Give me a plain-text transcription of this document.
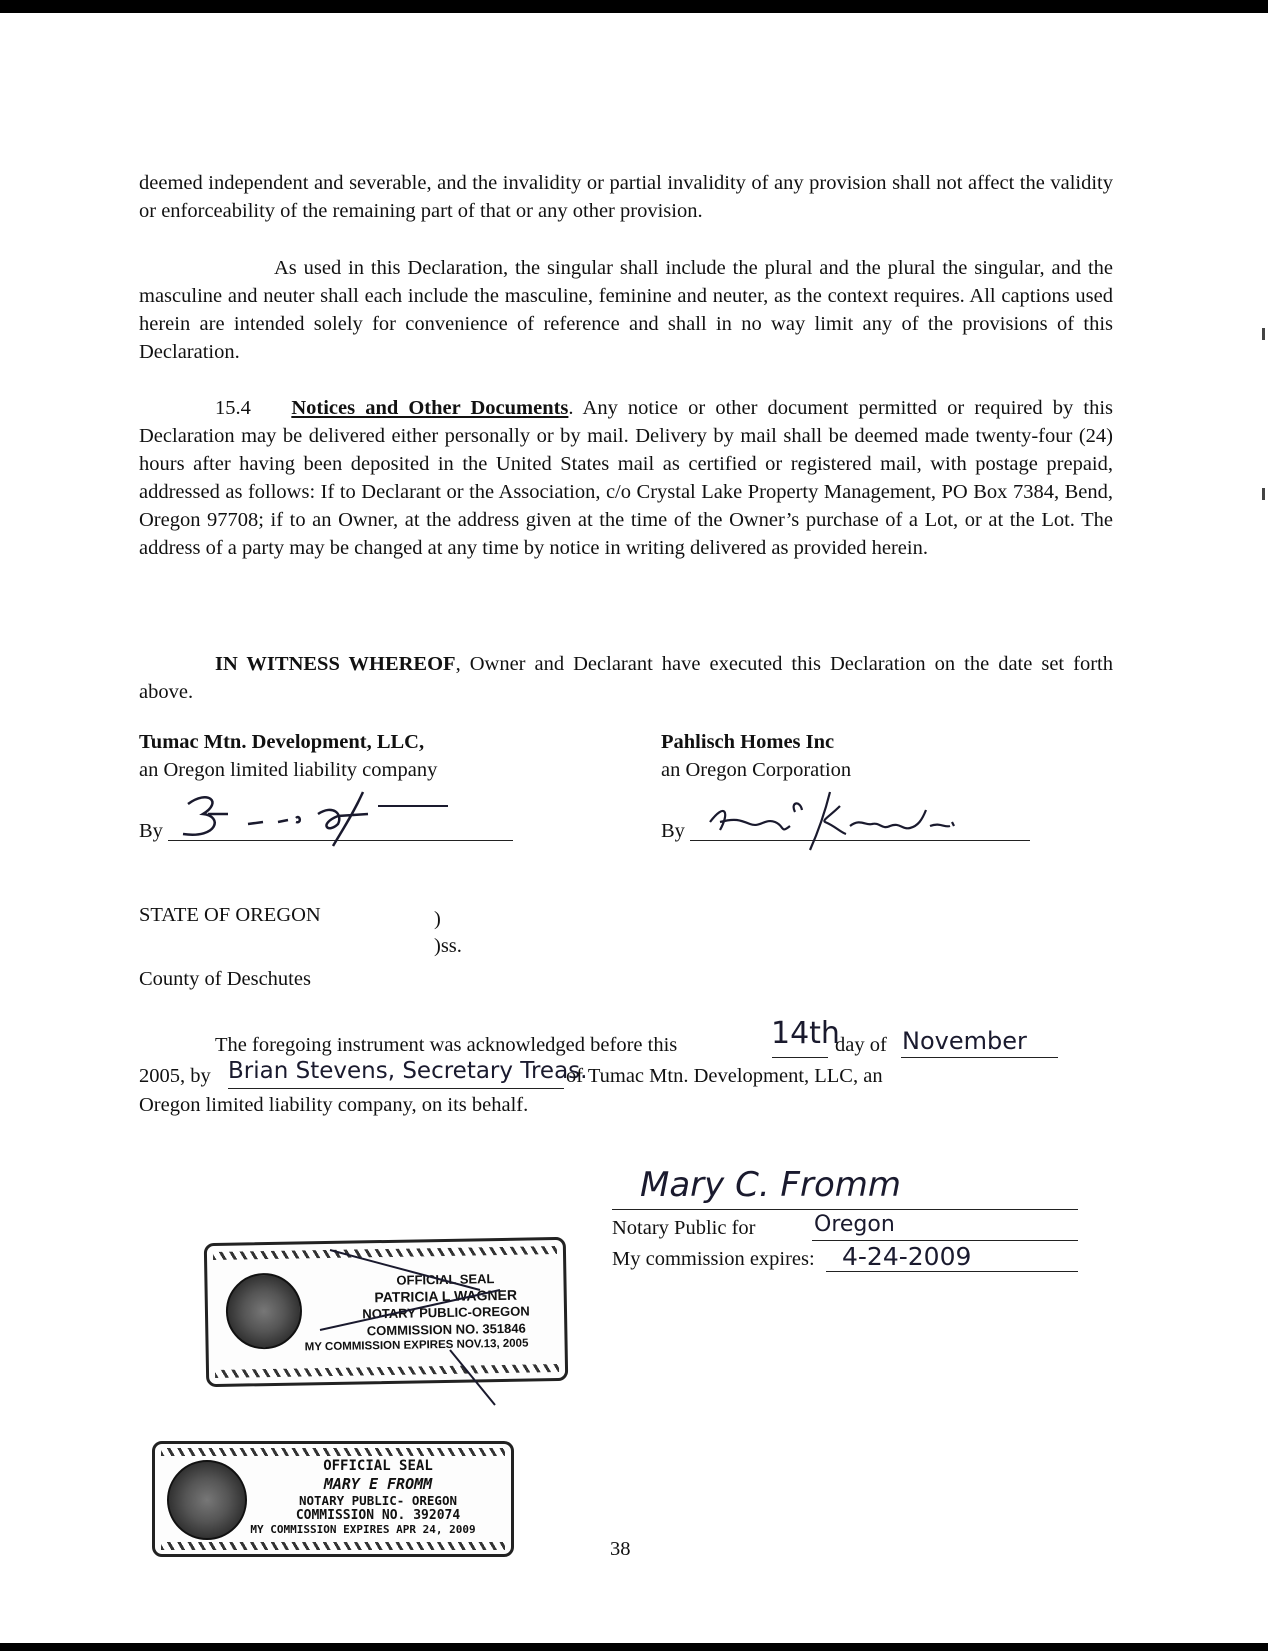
deemed independent and severable, and the invalidity or partial invalidity of any provision shall not affect the validity or enforceability of the remaining part of that or any other provision.

As used in this Declaration, the singular shall include the plural and the plural the singular, and the masculine and neuter shall each include the masculine, feminine and neuter, as the context requires. All captions used herein are intended solely for convenience of reference and shall in no way limit any of the provisions of this Declaration.

15.4 Notices and Other Documents. Any notice or other document permitted or required by this Declaration may be delivered either personally or by mail. Delivery by mail shall be deemed made twenty-four (24) hours after having been deposited in the United States mail as certified or registered mail, with postage prepaid, addressed as follows: If to Declarant or the Association, c/o Crystal Lake Property Management, PO Box 7384, Bend, Oregon 97708; if to an Owner, at the address given at the time of the Owner’s purchase of a Lot, or at the Lot. The address of a party may be changed at any time by notice in writing delivered as provided herein.

IN WITNESS WHEREOF, Owner and Declarant have executed this Declaration on the date set forth above.

Tumac Mtn. Development, LLC,
an Oregon limited liability company
By
Pahlisch Homes Inc
an Oregon Corporation
By
STATE OF OREGON	)
)ss.
County of Deschutes
The foregoing instrument was acknowledged before this	14th
day of November
2005, by Brian Stevens, Secretary Treas.
of Tumac Mtn. Development, LLC, an
Oregon limited liability company, on its behalf.
Mary C. Fromm
Notary Public for	Oregon
My commission expires: 4-24-2009
OFFICIAL SEAL
PATRICIA L WAGNER
NOTARY PUBLIC-OREGON
COMMISSION NO. 351846
MY COMMISSION EXPIRES NOV.13, 2005
OFFICIAL SEAL
MARY E FROMM
NOTARY PUBLIC- OREGON
COMMISSION NO. 392074
MY COMMISSION EXPIRES APR 24, 2009
38
